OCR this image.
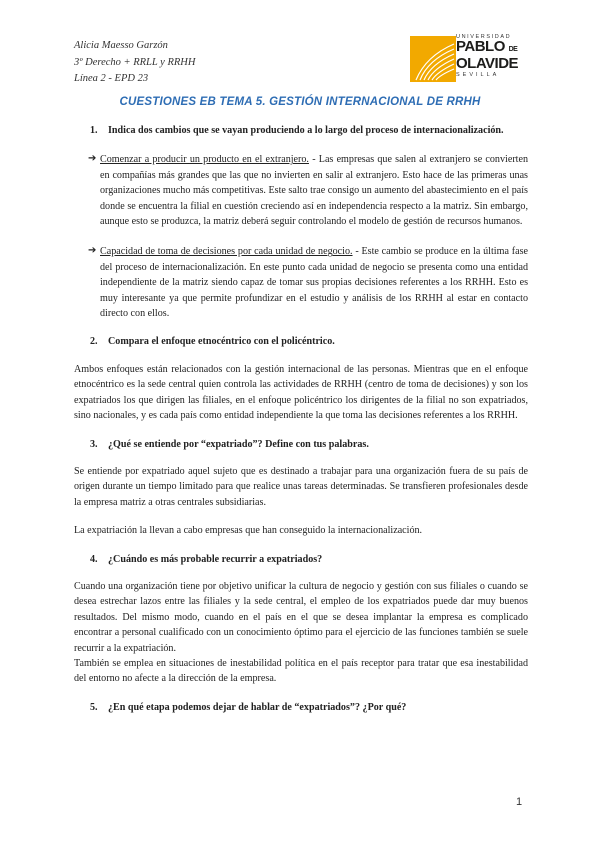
Alicia Maesso Garzón
3º Derecho + RRLL y RRHH
Línea 2 - EPD 23
UNIVERSIDAD
PABLO DE
OLAVIDE
SEVILLA
CUESTIONES EB TEMA 5. GESTIÓN INTERNACIONAL DE RRHH
1.	Indica dos cambios que se vayan produciendo a lo largo del proceso de internacionalización.
➔ Comenzar a producir un producto en el extranjero. - Las empresas que salen al extranjero se convierten en compañías más grandes que las que no invierten en salir al extranjero. Esto hace de las primeras unas organizaciones mucho más competitivas. Este salto trae consigo un aumento del abastecimiento en el país donde se encuentra la filial en cuestión creciendo así en independencia respecto a la matriz. Sin embargo, aunque esto se produzca, la matriz deberá seguir controlando el modelo de gestión de recursos humanos.
➔ Capacidad de toma de decisiones por cada unidad de negocio. - Este cambio se produce en la última fase del proceso de internacionalización. En este punto cada unidad de negocio se presenta como una entidad independiente de la matriz siendo capaz de tomar sus propias decisiones referentes a los RRHH. Esto es muy interesante ya que permite profundizar en el estudio y análisis de los RRHH al estar en contacto directo con ellos.
2.	Compara el enfoque etnocéntrico con el policéntrico.

Ambos enfoques están relacionados con la gestión internacional de las personas. Mientras que en el enfoque etnocéntrico es la sede central quien controla las actividades de RRHH (centro de toma de decisiones) y son los expatriados los que dirigen las filiales, en el enfoque policéntrico los dirigentes de la filial no son expatriados, sino nacionales, y es cada país como entidad independiente la que toma las decisiones referentes a los RRHH.

3.	¿Qué se entiende por “expatriado”? Define con tus palabras.

Se entiende por expatriado aquel sujeto que es destinado a trabajar para una organización fuera de su país de origen durante un tiempo limitado para que realice unas tareas determinadas. Se transfieren profesionales desde la empresa matriz a otras centrales subsidiarias.

La expatriación la llevan a cabo empresas que han conseguido la internacionalización.

4.	¿Cuándo es más probable recurrir a expatriados?

Cuando una organización tiene por objetivo unificar la cultura de negocio y gestión con sus filiales o cuando se desea estrechar lazos entre las filiales y la sede central, el empleo de los expatriados puede dar muy buenos resultados. Del mismo modo, cuando en el país en el que se desea implantar la empresa es complicado encontrar a personal cualificado con un conocimiento óptimo para el ejercicio de las funciones también se suele recurrir a la expatriación.

También se emplea en situaciones de inestabilidad política en el país receptor para tratar que esa inestabilidad del entorno no afecte a la dirección de la empresa.

5.	¿En qué etapa podemos dejar de hablar de “expatriados”? ¿Por qué?
1
